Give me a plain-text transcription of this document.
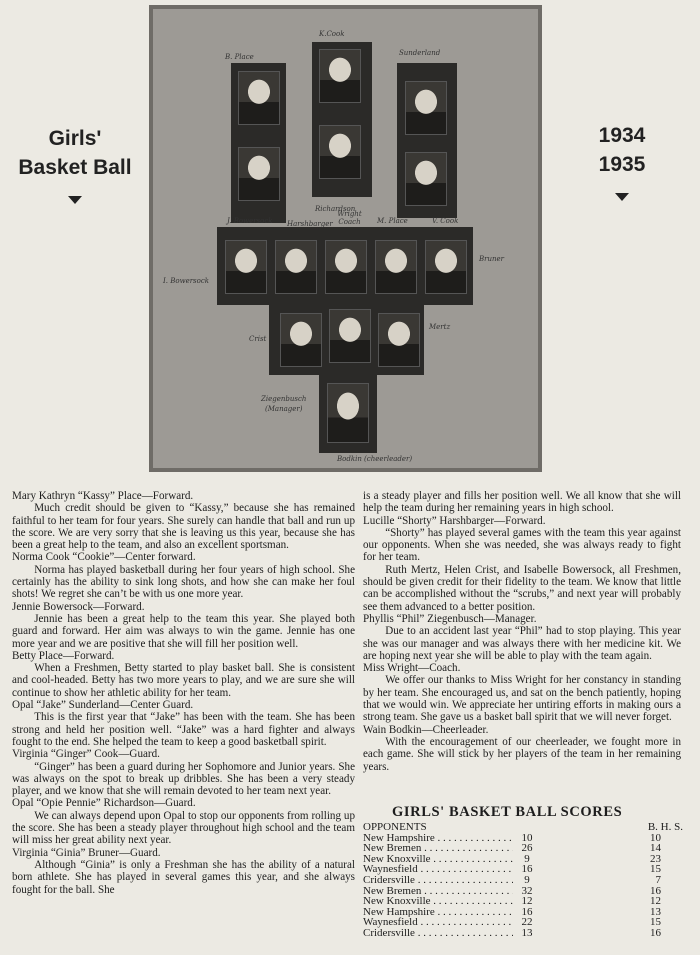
Girls'
Basket Ball
1934
1935
B. Place
K.Cook
Sunderland
Richardson
J. Bowersock Harshbarger
Wright Coach	M. Place	V. Cook
Bruner
I. Bowersock
Crist
Mertz
Ziegenbusch
(Manager)
Bodkin (cheerleader)

Mary Kathryn “Kassy” Place—Forward.

Much credit should be given to “Kassy,” because she has remained faithful to her team for four years. She surely can handle that ball and run up the score. We are very sorry that she is leaving us this year, because she has been a great help to the team, and also an excellent sportsman.

Norma Cook “Cookie”—Center forward.

Norma has played basketball during her four years of high school. She certainly has the ability to sink long shots, and how she can make her foul shots! We regret she can’t be with us one more year.

Jennie Bowersock—Forward.

Jennie has been a great help to the team this year. She played both guard and forward. Her aim was always to win the game. Jennie has one more year and we are positive that she will fill her position well.

Betty Place—Forward.

When a Freshmen, Betty started to play basket ball. She is consistent and cool-headed. Betty has two more years to play, and we are sure she will continue to show her athletic ability for her team.

Opal “Jake” Sunderland—Center Guard.

This is the first year that “Jake” has been with the team. She has been strong and held her position well. “Jake” was a hard fighter and always fought to the end. She helped the team to keep a good basketball spirit.

Virginia “Ginger” Cook—Guard.

“Ginger” has been a guard during her Sophomore and Junior years. She was always on the spot to break up dribbles. She has been a very steady player, and we know that she will remain devoted to her team next year.

Opal “Opie Pennie” Richardson—Guard.

We can always depend upon Opal to stop our opponents from rolling up the score. She has been a steady player throughout high school and the team will miss her great ability next year.

Virginia “Ginia” Bruner—Guard.

Although “Ginia” is only a Freshman she has the ability of a natural born athlete. She has played in several games this year, and she always fought for the ball. She

is a steady player and fills her position well. We all know that she will help the team during her remaining years in high school.

Lucille “Shorty” Harshbarger—Forward.

“Shorty” has played several games with the team this year against our opponents. When she was needed, she was always ready to fight for her team.

Ruth Mertz, Helen Crist, and Isabelle Bowersock, all Freshmen, should be given credit for their fidelity to the team. We know that little can be accomplished without the “scrubs,” and next year will probably see them advanced to a better position.

Phyllis “Phil” Ziegenbusch—Manager.

Due to an accident last year “Phil” had to stop playing. This year she was our manager and was always there with her medicine kit. We are hoping next year she will be able to play with the team again.

Miss Wright—Coach.

We offer our thanks to Miss Wright for her constancy in standing by her team. She encouraged us, and sat on the bench patiently, hoping that we would win. We appreciate her untiring efforts in making ours a strong team. She gave us a basket ball spirit that we will never forget.

Wain Bodkin—Cheerleader.

With the encouragement of our cheerleader, we fought more in each game. She will stick by her players of the team in her remaining years.

GIRLS' BASKET BALL SCORES
OPPONENTS	B. H. S.
New Hampshire . . .	10	10
New Bremen . . .	26	14
New Knoxville . . .	9	23
Waynesfield . . .	16	15
Cridersville . . .	9	7
New Bremen . . .	32	16
New Knoxville . . .	12	12
New Hampshire . . .	16	13
Waynesfield . . .	22	15
Cridersville . . .	13	16
